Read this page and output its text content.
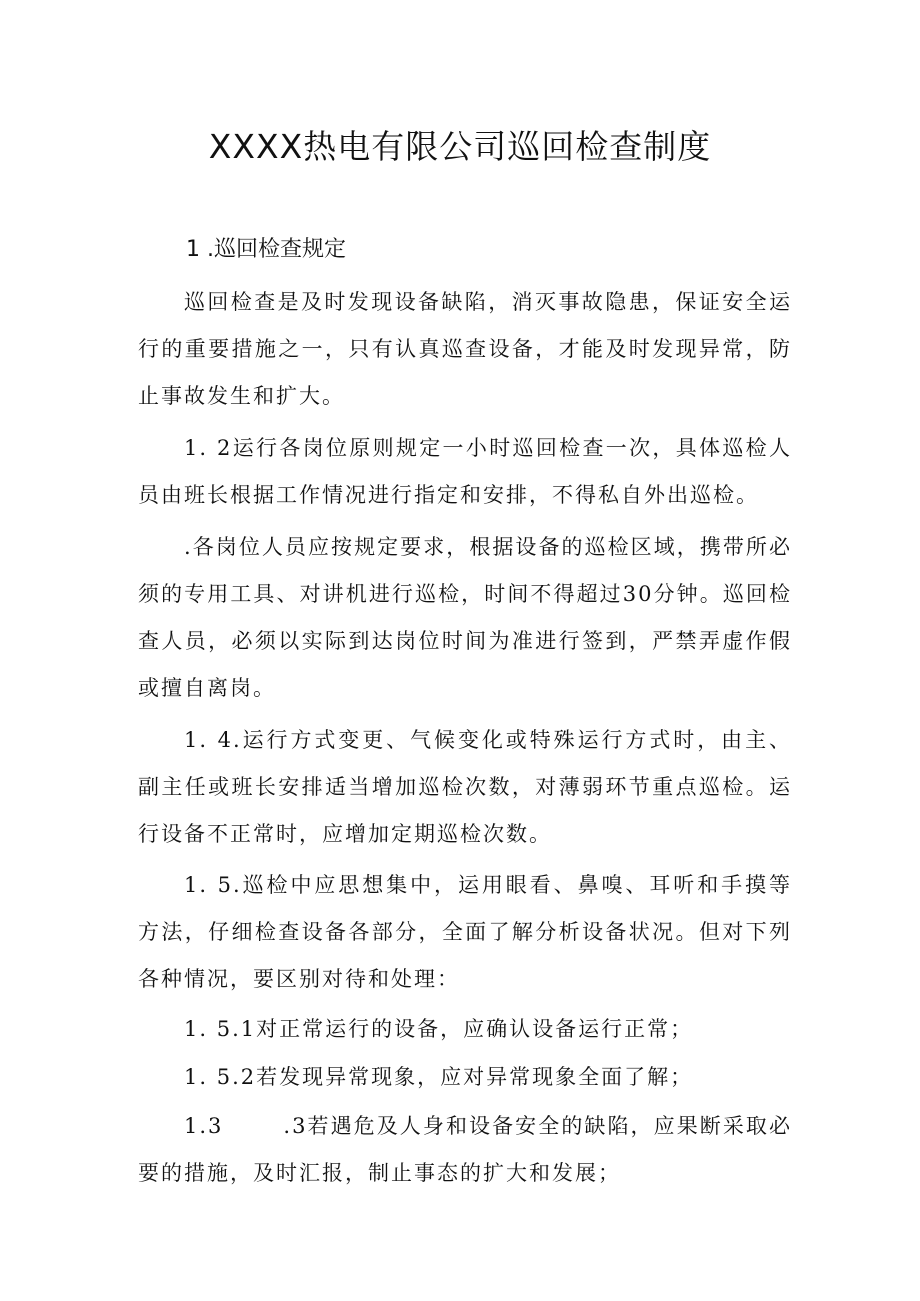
XXXX热电有限公司巡回检查制度
1 .巡回检查规定

巡回检查是及时发现设备缺陷，消灭事故隐患，保证安全运行的重要措施之一，只有认真巡查设备，才能及时发现异常，防止事故发生和扩大。

1. 2运行各岗位原则规定一小时巡回检查一次，具体巡检人员由班长根据工作情况进行指定和安排，不得私自外出巡检。

.各岗位人员应按规定要求，根据设备的巡检区域，携带所必须的专用工具、对讲机进行巡检，时间不得超过30分钟。巡回检查人员，必须以实际到达岗位时间为准进行签到，严禁弄虚作假或擅自离岗。

1. 4.运行方式变更、气候变化或特殊运行方式时，由主、副主任或班长安排适当增加巡检次数，对薄弱环节重点巡检。运行设备不正常时，应增加定期巡检次数。

1. 5.巡检中应思想集中，运用眼看、鼻嗅、耳听和手摸等方法，仔细检查设备各部分，全面了解分析设备状况。但对下列各种情况，要区别对待和处理：

1. 5.1对正常运行的设备，应确认设备运行正常；

1. 5.2若发现异常现象，应对异常现象全面了解；

1.3	.3若遇危及人身和设备安全的缺陷，应果断采取必要的措施，及时汇报，制止事态的扩大和发展；
